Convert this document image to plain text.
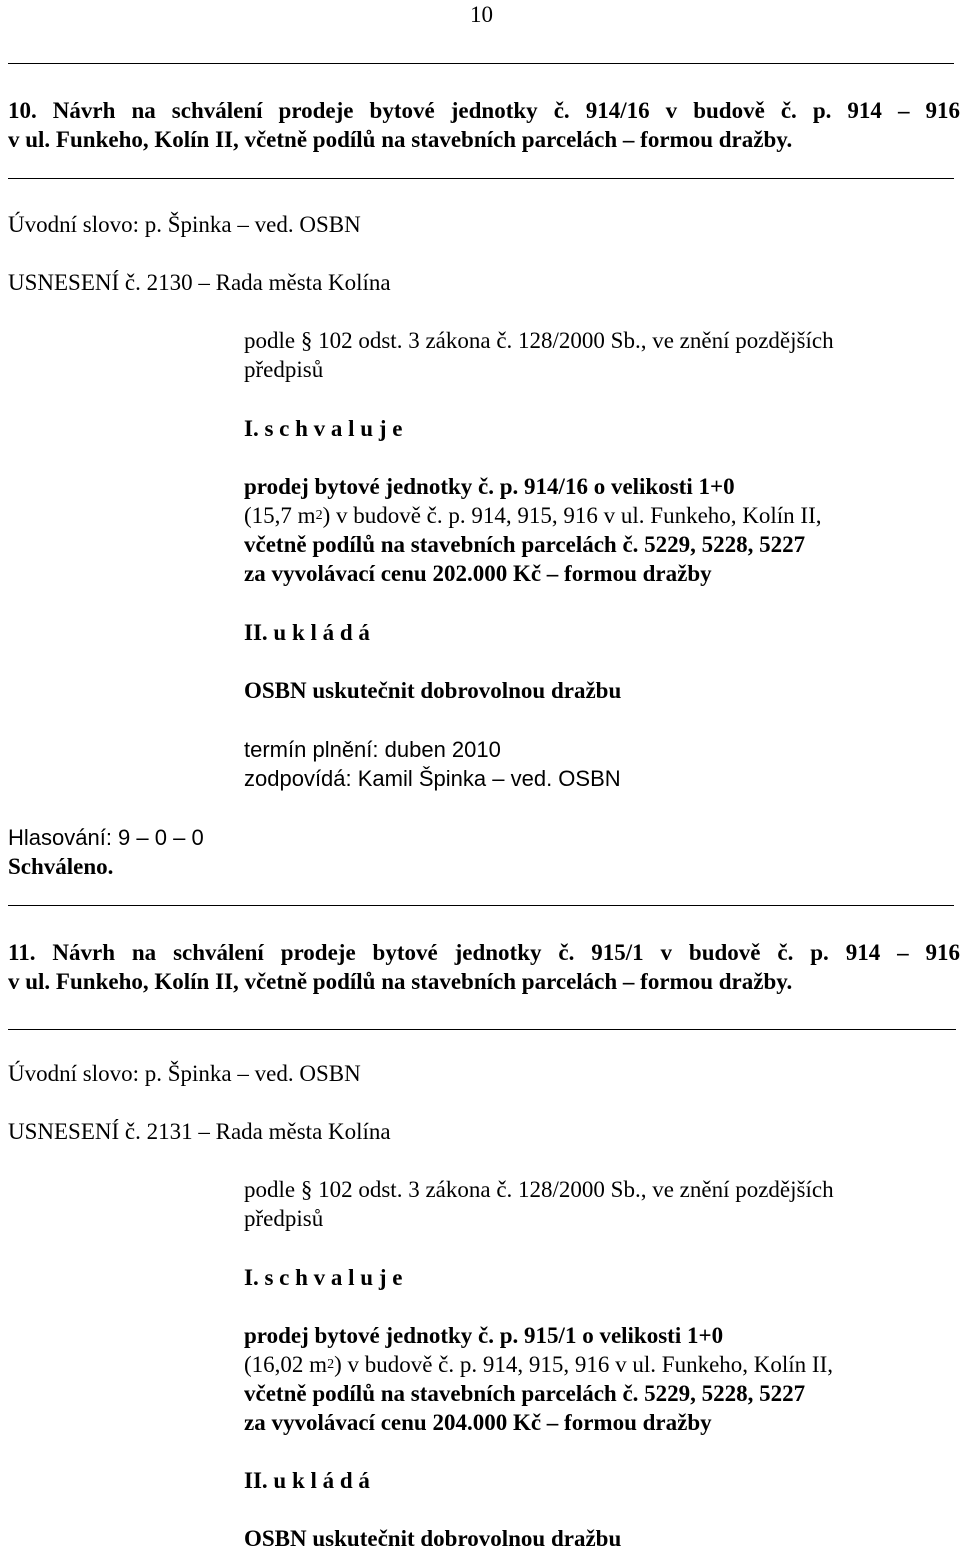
10
10. Návrh na schválení prodeje bytové jednotky č. 914/16 v budově č. p. 914 – 916
v ul. Funkeho, Kolín II, včetně podílů na stavebních parcelách – formou dražby.
Úvodní slovo: p. Špinka – ved. OSBN
USNESENÍ č. 2130 – Rada města Kolína
podle § 102 odst. 3 zákona č. 128/2000 Sb., ve znění pozdějších
předpisů
I. s c h v a l u j e
prodej bytové jednotky č. p. 914/16 o velikosti 1+0
(15,7 $m^2$) v budově č. p. 914, 915, 916 v ul. Funkeho, Kolín II,
včetně podílů na stavebních parcelách č. 5229, 5228, 5227
za vyvolávací cenu 202.000 Kč – formou dražby
II. u k l á d á
OSBN uskutečnit dobrovolnou dražbu
termín plnění: duben 2010
zodpovídá: Kamil Špinka – ved. OSBN
Hlasování: 9 – 0 – 0
Schváleno.
11. Návrh na schválení prodeje bytové jednotky č. 915/1 v budově č. p. 914 – 916
v ul. Funkeho, Kolín II, včetně podílů na stavebních parcelách – formou dražby.
Úvodní slovo: p. Špinka – ved. OSBN
USNESENÍ č. 2131 – Rada města Kolína
podle § 102 odst. 3 zákona č. 128/2000 Sb., ve znění pozdějších
předpisů
I. s c h v a l u j e
prodej bytové jednotky č. p. 915/1 o velikosti 1+0
(16,02 $m^2$) v budově č. p. 914, 915, 916 v ul. Funkeho, Kolín II,
včetně podílů na stavebních parcelách č. 5229, 5228, 5227
za vyvolávací cenu 204.000 Kč – formou dražby
II. u k l á d á
OSBN uskutečnit dobrovolnou dražbu
